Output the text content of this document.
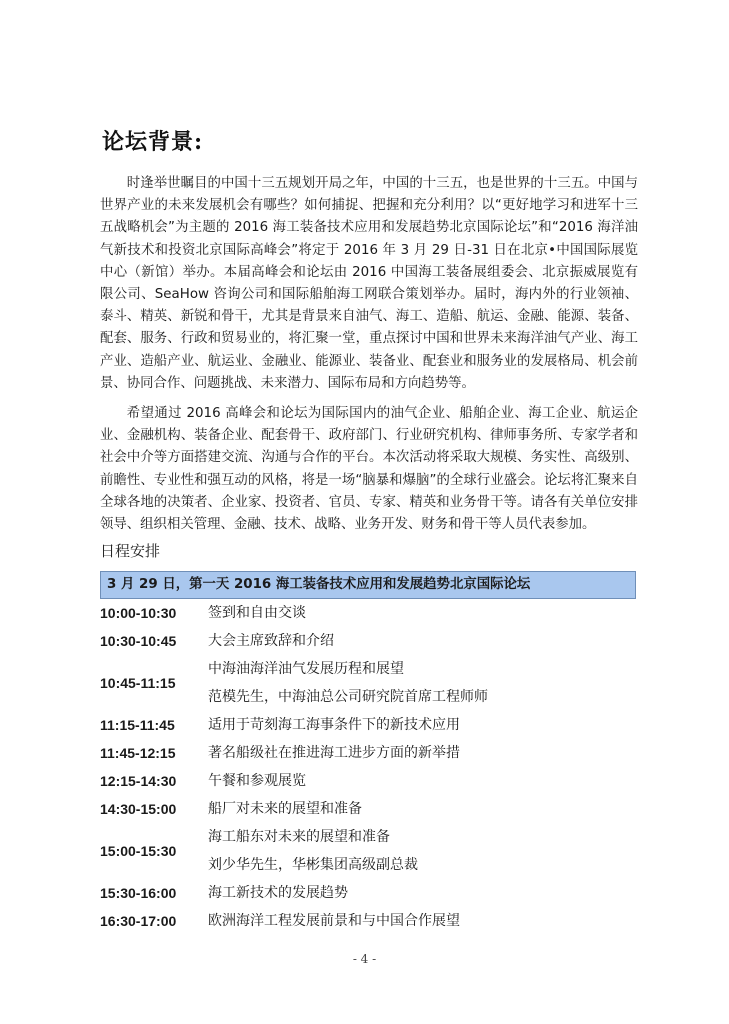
论坛背景:

时逢举世瞩目的中国十三五规划开局之年，中国的十三五，也是世界的十三五。中国与世界产业的未来发展机会有哪些？如何捕捉、把握和充分利用？以“更好地学习和进军十三五战略机会”为主题的 2016 海工装备技术应用和发展趋势北京国际论坛”和“2016 海洋油气新技术和投资北京国际高峰会”将定于 2016 年 3 月 29 日-31 日在北京•中国国际展览中心（新馆）举办。本届高峰会和论坛由 2016 中国海工装备展组委会、北京振威展览有限公司、SeaHow 咨询公司和国际船舶海工网联合策划举办。届时，海内外的行业领袖、泰斗、精英、新锐和骨干，尤其是背景来自油气、海工、造船、航运、金融、能源、装备、配套、服务、行政和贸易业的，将汇聚一堂，重点探讨中国和世界未来海洋油气产业、海工产业、造船产业、航运业、金融业、能源业、装备业、配套业和服务业的发展格局、机会前景、协同合作、问题挑战、未来潜力、国际布局和方向趋势等。

希望通过 2016 高峰会和论坛为国际国内的油气企业、船舶企业、海工企业、航运企业、金融机构、装备企业、配套骨干、政府部门、行业研究机构、律师事务所、专家学者和社会中介等方面搭建交流、沟通与合作的平台。本次活动将采取大规模、务实性、高级别、前瞻性、专业性和强互动的风格，将是一场“脑暴和爆脑”的全球行业盛会。论坛将汇聚来自全球各地的决策者、企业家、投资者、官员、专家、精英和业务骨干等。请各有关单位安排领导、组织相关管理、金融、技术、战略、业务开发、财务和骨干等人员代表参加。

日程安排
3 月 29 日，第一天 2016 海工装备技术应用和发展趋势北京国际论坛
10:00-10:30	签到和自由交谈

10:30-10:45	大会主席致辞和介绍

10:45-11:15	中海油海洋油气发展历程和展望
范模先生，中海油总公司研究院首席工程师师

11:15-11:45	适用于苛刻海工海事条件下的新技术应用

11:45-12:15	著名船级社在推进海工进步方面的新举措

12:15-14:30	午餐和参观展览

14:30-15:00	船厂对未来的展望和准备

15:00-15:30	海工船东对未来的展望和准备
刘少华先生，华彬集团高级副总裁

15:30-16:00	海工新技术的发展趋势

16:30-17:00	欧洲海洋工程发展前景和与中国合作展望
- 4 -
